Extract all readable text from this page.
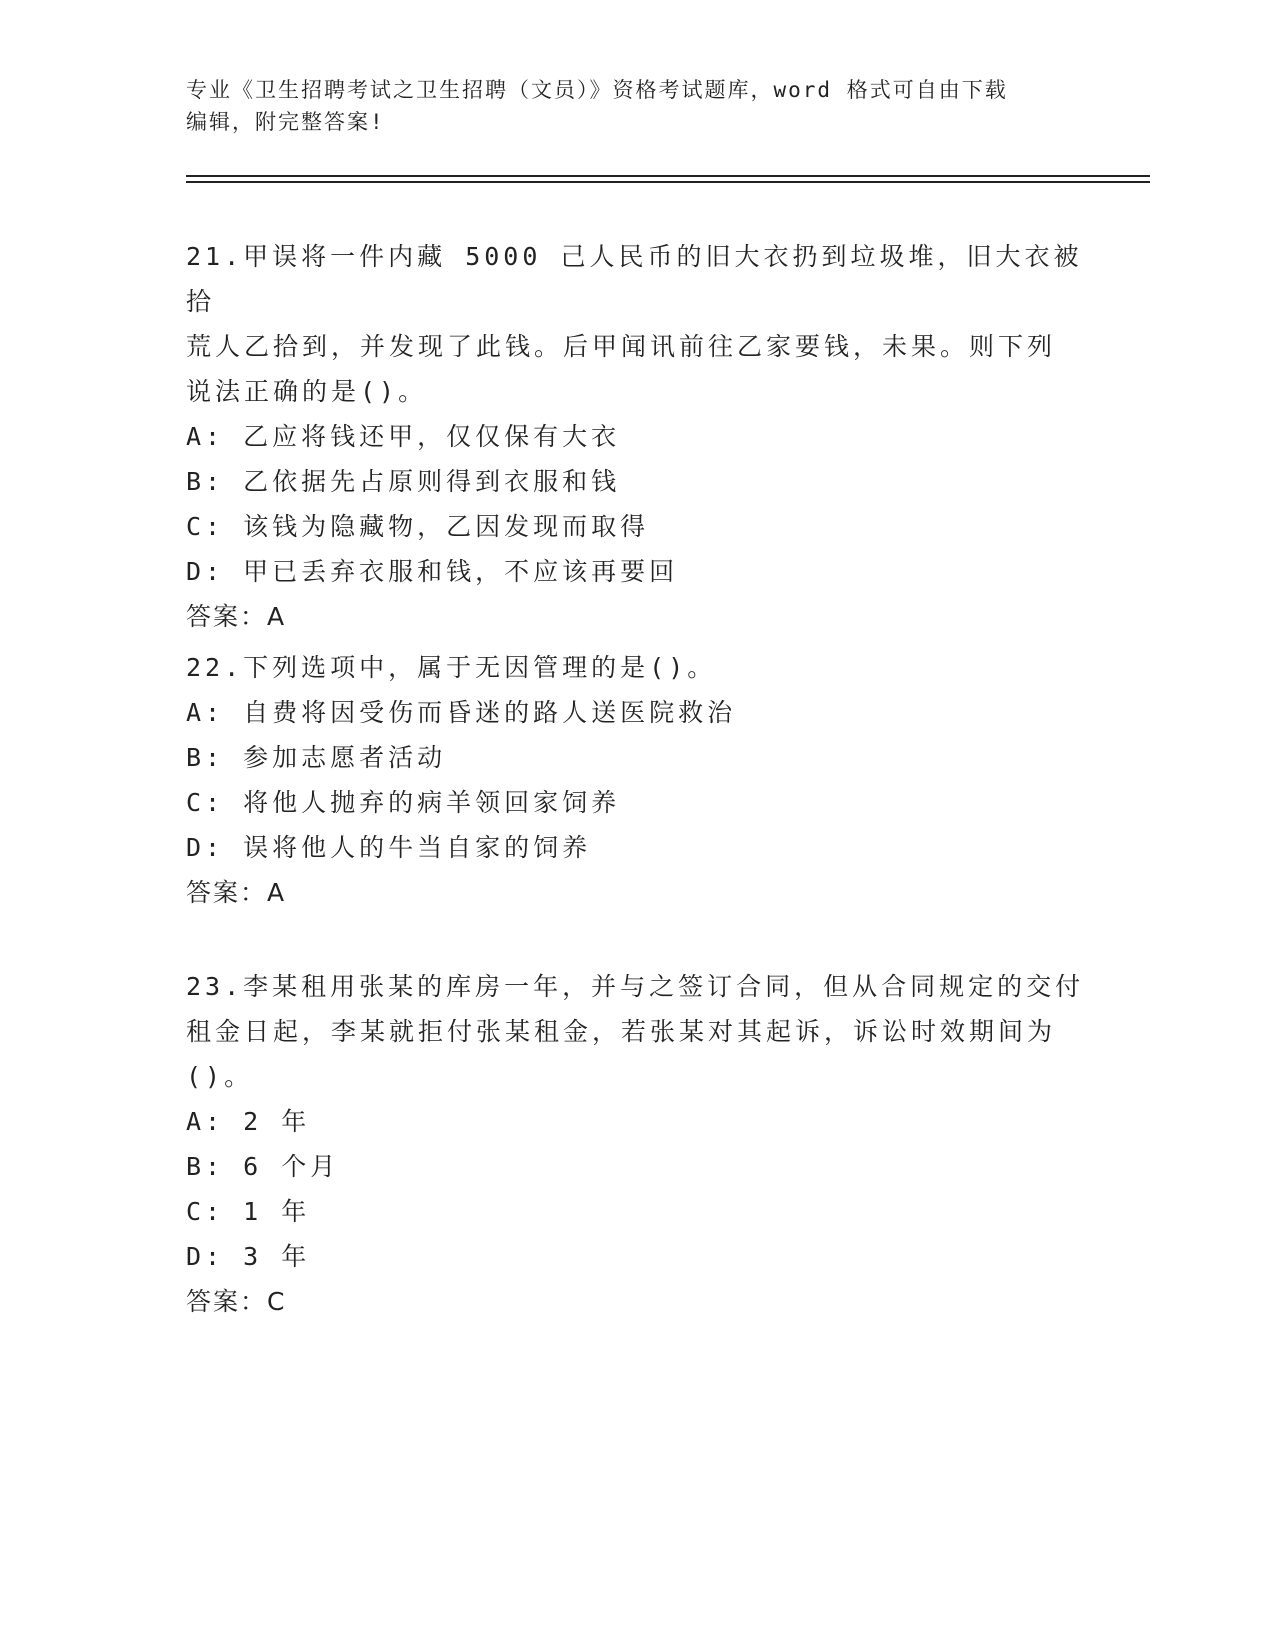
专业《卫生招聘考试之卫生招聘（文员）》资格考试题库，word 格式可自由下载
编辑，附完整答案!
21.甲误将一件内藏 5000 己人民币的旧大衣扔到垃圾堆，旧大衣被拾
荒人乙拾到，并发现了此钱。后甲闻讯前往乙家要钱，未果。则下列
说法正确的是()。
A: 乙应将钱还甲，仅仅保有大衣
B: 乙依据先占原则得到衣服和钱
C: 该钱为隐藏物，乙因发现而取得
D: 甲已丢弃衣服和钱，不应该再要回
答案：A
22.下列选项中，属于无因管理的是()。
A: 自费将因受伤而昏迷的路人送医院救治
B: 参加志愿者活动
C: 将他人抛弃的病羊领回家饲养
D: 误将他人的牛当自家的饲养
答案：A
23.李某租用张某的库房一年，并与之签订合同，但从合同规定的交付
租金日起，李某就拒付张某租金，若张某对其起诉，诉讼时效期间为
()。
A: 2 年
B: 6 个月
C: 1 年
D: 3 年
答案：C
